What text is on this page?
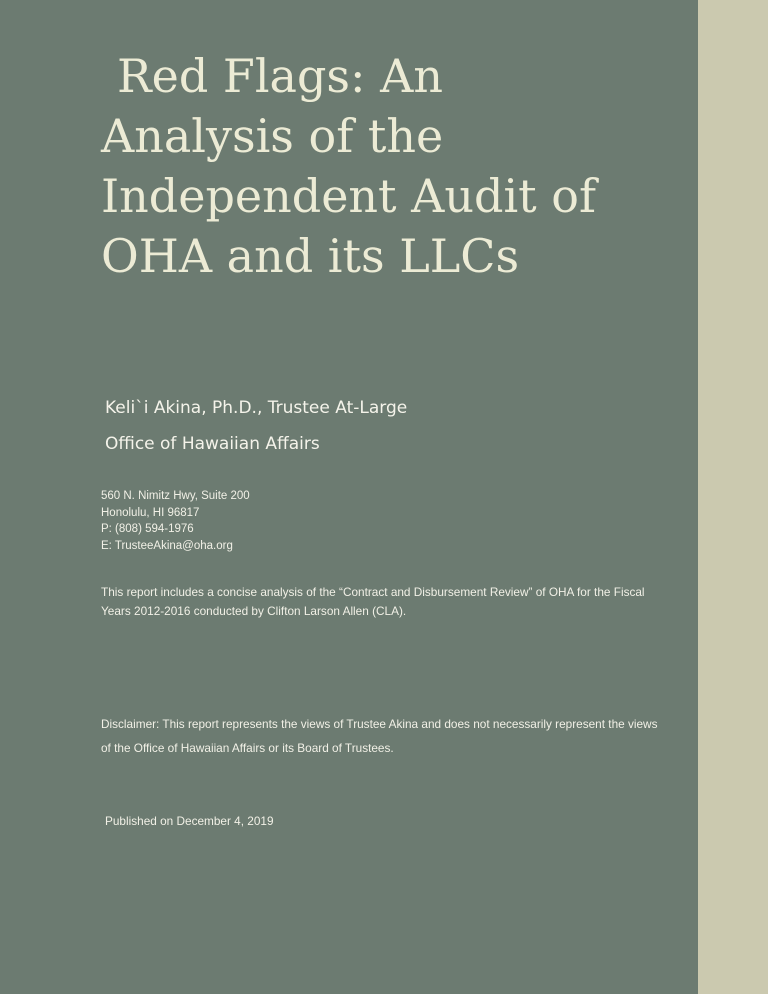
Red Flags: An
Analysis of the
Independent Audit of
OHA and its LLCs
Keli`i Akina, Ph.D., Trustee At-Large
Office of Hawaiian Affairs
560 N. Nimitz Hwy, Suite 200
Honolulu, HI 96817
P: (808) 594-1976
E: TrusteeAkina@oha.org

This report includes a concise analysis of the “Contract and Disbursement Review” of OHA for the Fiscal Years 2012-2016 conducted by Clifton Larson Allen (CLA).

Disclaimer: This report represents the views of Trustee Akina and does not necessarily represent the views of the Office of Hawaiian Affairs or its Board of Trustees.

Published on December 4, 2019
